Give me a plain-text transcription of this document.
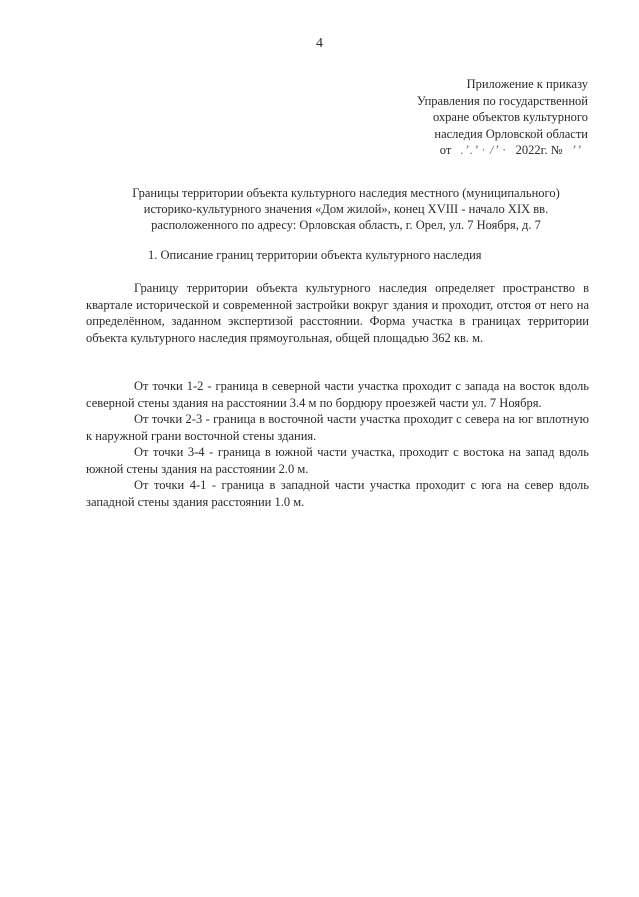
4
Приложение к приказу
Управления по государственной
охране объектов культурного
наследия Орловской области
от .’.’ · /’ · 2022г. № ’ʼ
Границы территории объекта культурного наследия местного (муниципального)
историко-культурного значения «Дом жилой», конец XVIII - начало XIX вв.
расположенного по адресу: Орловская область, г. Орел, ул. 7 Ноября, д. 7
1. Описание границ территории объекта культурного наследия

Границу территории объекта культурного наследия определяет пространство в квартале исторической и современной застройки вокруг здания и проходит, отстоя от него на определённом, заданном экспертизой расстоянии. Форма участка в границах территории объекта культурного наследия прямоугольная, общей площадью 362 кв. м.

От точки 1-2 - граница в северной части участка проходит с запада на восток вдоль северной стены здания на расстоянии 3.4 м по бордюру проезжей части ул. 7 Ноября.

От точки 2-3 - граница в восточной части участка проходит с севера на юг вплотную к наружной грани восточной стены здания.

От точки 3-4 - граница в южной части участка, проходит с востока на запад вдоль южной стены здания на расстоянии 2.0 м.

От точки 4-1 - граница в западной части участка проходит с юга на север вдоль западной стены здания расстоянии 1.0 м.
